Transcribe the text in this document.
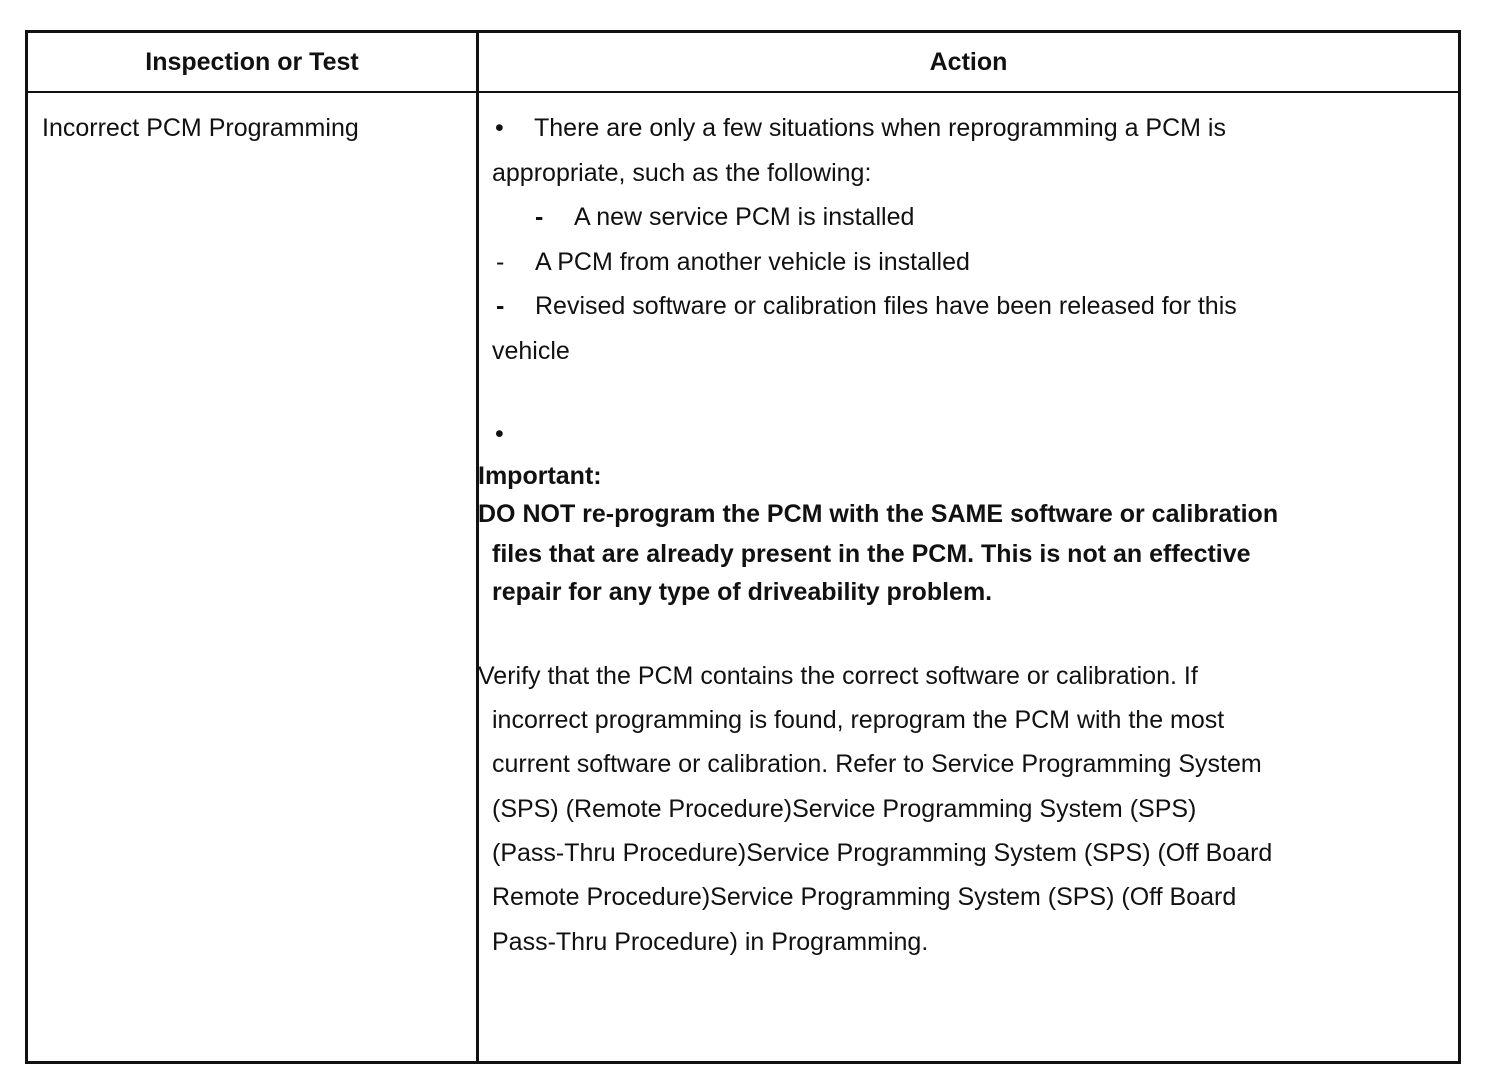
Inspection or Test	Action
Incorrect PCM Programming	• There are only a few situations when reprogramming a PCM is
appropriate, such as the following:
- A new service PCM is installed
- A PCM from another vehicle is installed
- Revised software or calibration files have been released for this
vehicle
•
Important:
DO NOT re-program the PCM with the SAME software or calibration
files that are already present in the PCM. This is not an effective
repair for any type of driveability problem.
Verify that the PCM contains the correct software or calibration. If
incorrect programming is found, reprogram the PCM with the most
current software or calibration. Refer to Service Programming System
(SPS) (Remote Procedure)Service Programming System (SPS)
(Pass-Thru Procedure)Service Programming System (SPS) (Off Board
Remote Procedure)Service Programming System (SPS) (Off Board
Pass-Thru Procedure) in Programming.
